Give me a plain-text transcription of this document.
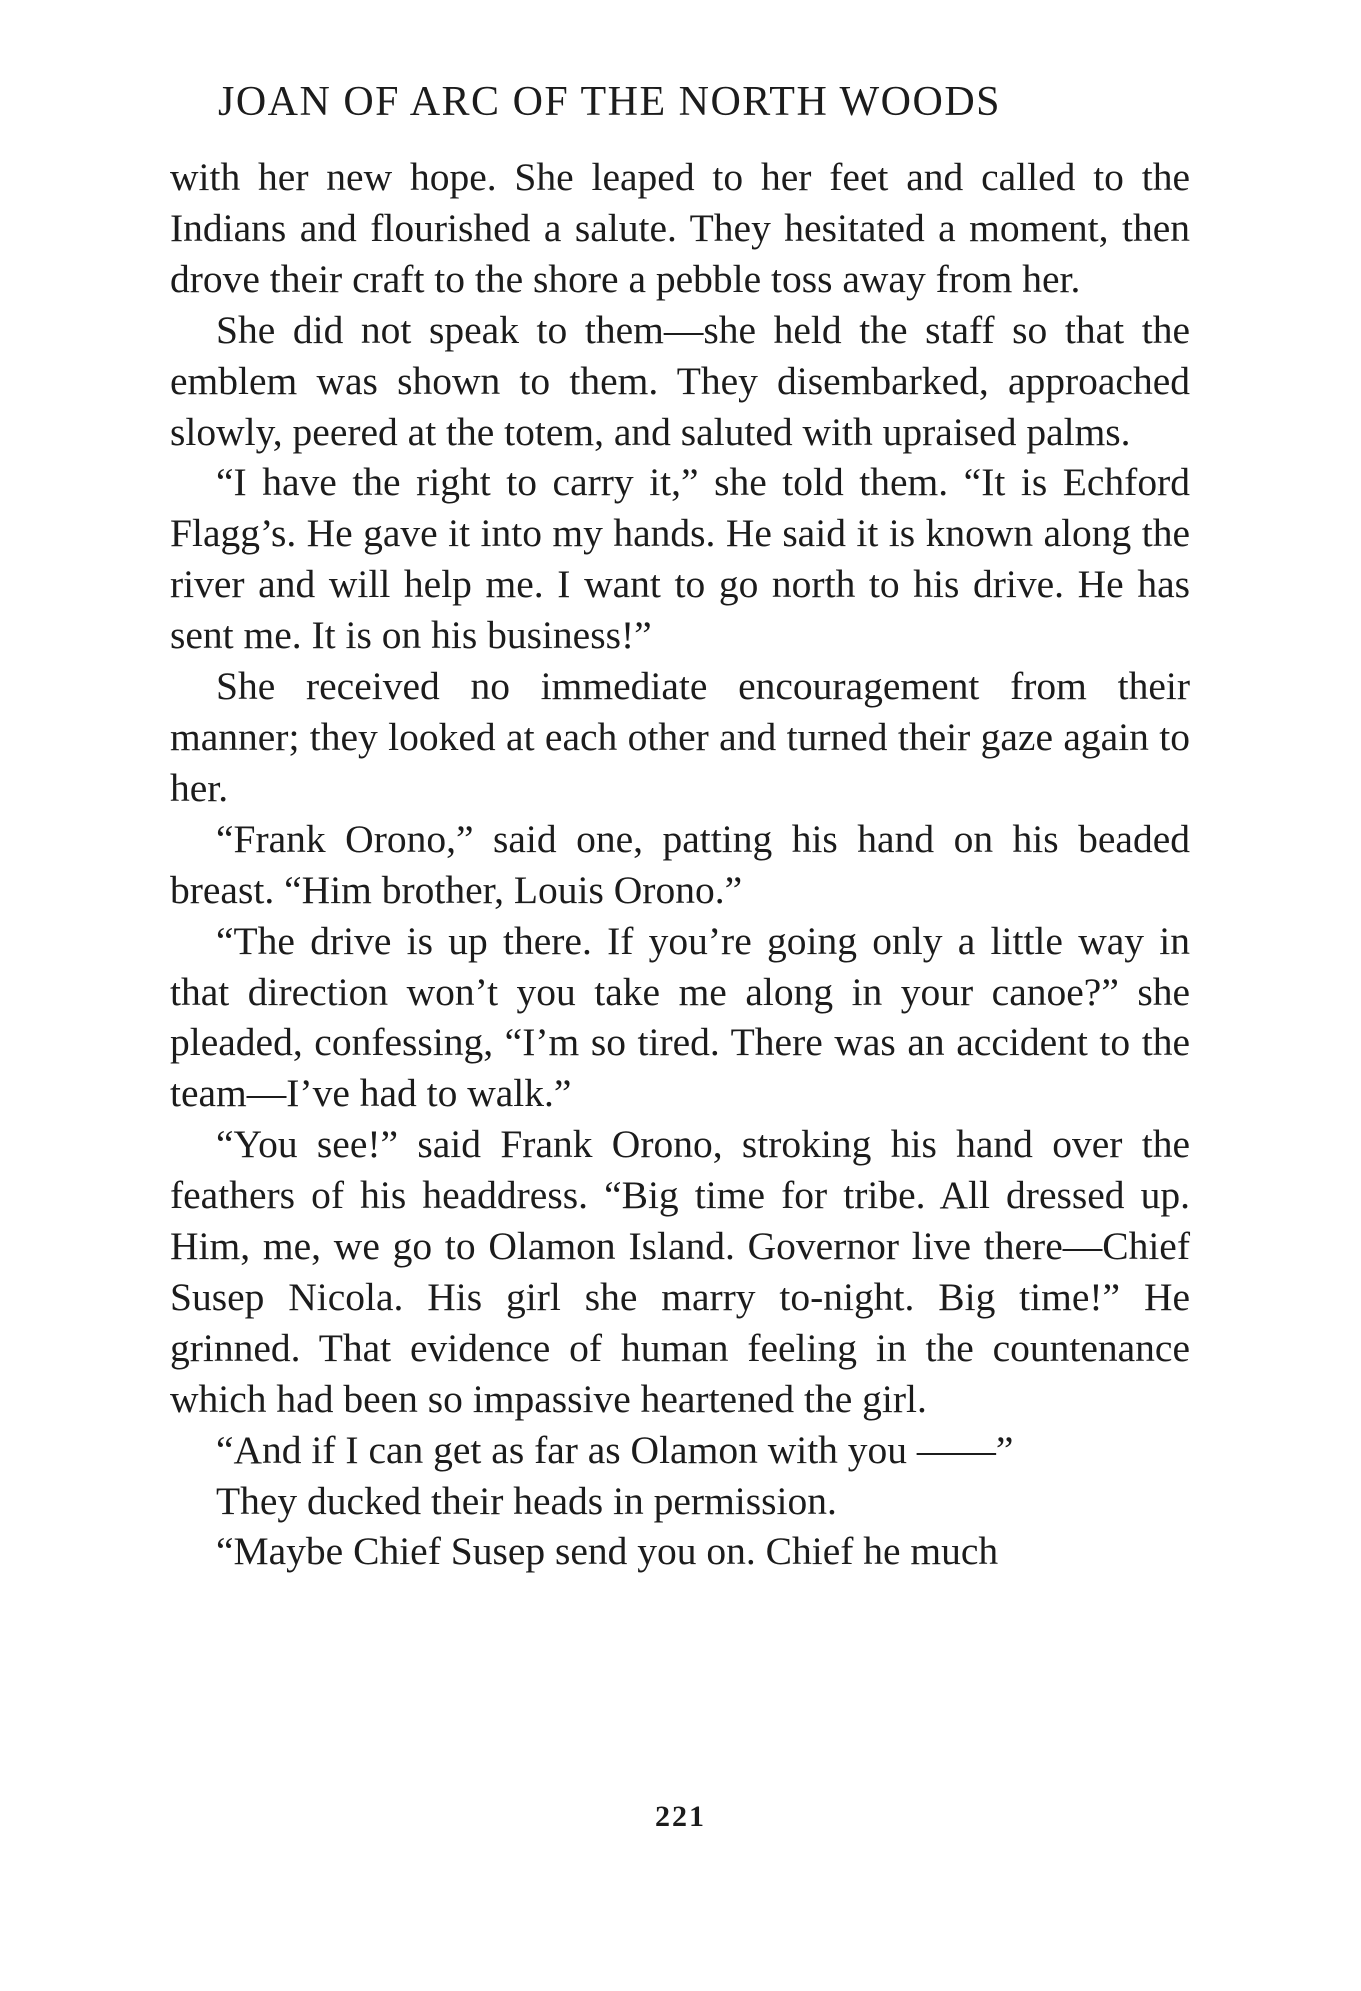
JOAN OF ARC OF THE NORTH WOODS

with her new hope. She leaped to her feet and called to the Indians and flourished a salute. They hesitated a moment, then drove their craft to the shore a pebble toss away from her.

She did not speak to them—she held the staff so that the emblem was shown to them. They disembarked, approached slowly, peered at the totem, and saluted with upraised palms.

“I have the right to carry it,” she told them. “It is Echford Flagg’s. He gave it into my hands. He said it is known along the river and will help me. I want to go north to his drive. He has sent me. It is on his business!”

She received no immediate encouragement from their manner; they looked at each other and turned their gaze again to her.

“Frank Orono,” said one, patting his hand on his beaded breast. “Him brother, Louis Orono.”

“The drive is up there. If you’re going only a little way in that direction won’t you take me along in your canoe?” she pleaded, confessing, “I’m so tired. There was an accident to the team—I’ve had to walk.”

“You see!” said Frank Orono, stroking his hand over the feathers of his headdress. “Big time for tribe. All dressed up. Him, me, we go to Olamon Island. Governor live there—Chief Susep Nicola. His girl she marry to-night. Big time!” He grinned. That evidence of human feeling in the countenance which had been so impassive heartened the girl.

“And if I can get as far as Olamon with you ——”

They ducked their heads in permission.

“Maybe Chief Susep send you on. Chief he much

221
